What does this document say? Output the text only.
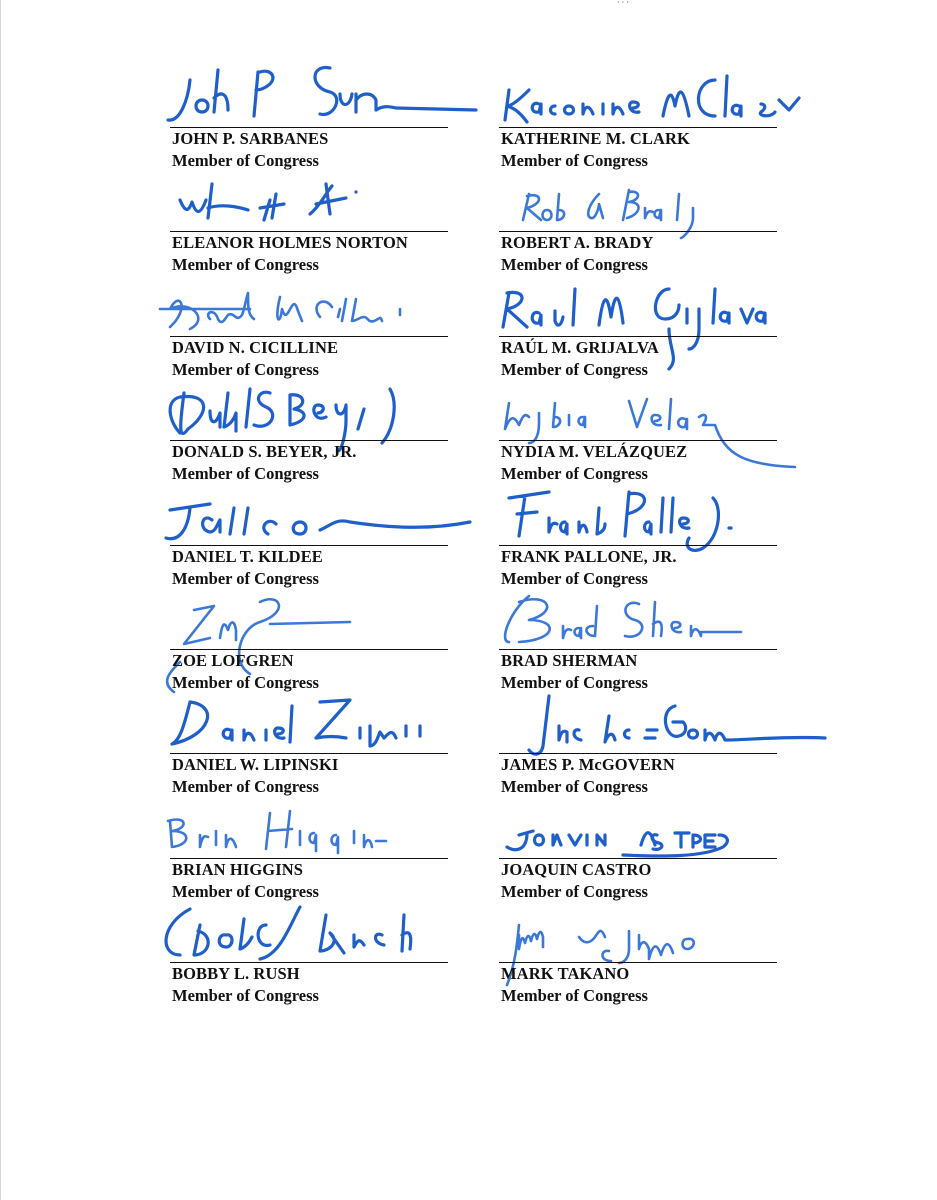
JOHN P. SARBANES
Member of Congress
ELEANOR HOLMES NORTON
Member of Congress
DAVID N. CICILLINE
Member of Congress
DONALD S. BEYER, JR.
Member of Congress
DANIEL T. KILDEE
Member of Congress
ZOE LOFGREN
Member of Congress
DANIEL W. LIPINSKI
Member of Congress
BRIAN HIGGINS
Member of Congress
BOBBY L. RUSH
Member of Congress
· · ·
KATHERINE M. CLARK
Member of Congress
ROBERT A. BRADY
Member of Congress
RAÚL M. GRIJALVA
Member of Congress
NYDIA M. VELÁZQUEZ
Member of Congress
FRANK PALLONE, JR.
Member of Congress
BRAD SHERMAN
Member of Congress
JAMES P. McGOVERN
Member of Congress
JOAQUIN CASTRO
Member of Congress
MARK TAKANO
Member of Congress
